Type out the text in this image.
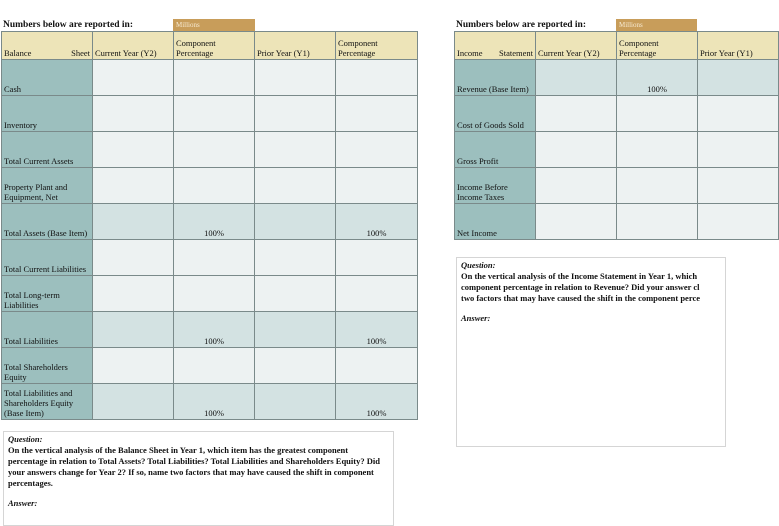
Numbers below are reported in:	Millions
Balance Sheet	Current Year (Y2)	Component Percentage	Prior Year (Y1)	Component Percentage
Cash				
Inventory				
Total Current Assets				
Property Plant and Equipment, Net				
Total Assets (Base Item)		100%		100%
Total Current Liabilities				
Total Long-term Liabilities				
Total Liabilities		100%		100%
Total Shareholders Equity				
Total Liabilities and Shareholders Equity (Base Item)		100%		100%
Question:
On the vertical analysis of the Balance Sheet in Year 1, which item has the greatest component percentage in relation to Total Assets? Total Liabilities? Total Liabilities and Shareholders Equity? Did your answers change for Year 2? If so, name two factors that may have caused the shift in component percentages.
Answer:
Numbers below are reported in:	Millions
Income Statement	Current Year (Y2)	Component Percentage	Prior Year (Y1)
Revenue (Base Item)		100%	
Cost of Goods Sold			
Gross Profit			
Income Before Income Taxes			
Net Income			
Question:
On the vertical analysis of the Income Statement in Year 1, which
component percentage in relation to Revenue? Did your answer cl
two factors that may have caused the shift in the component perce
Answer:
